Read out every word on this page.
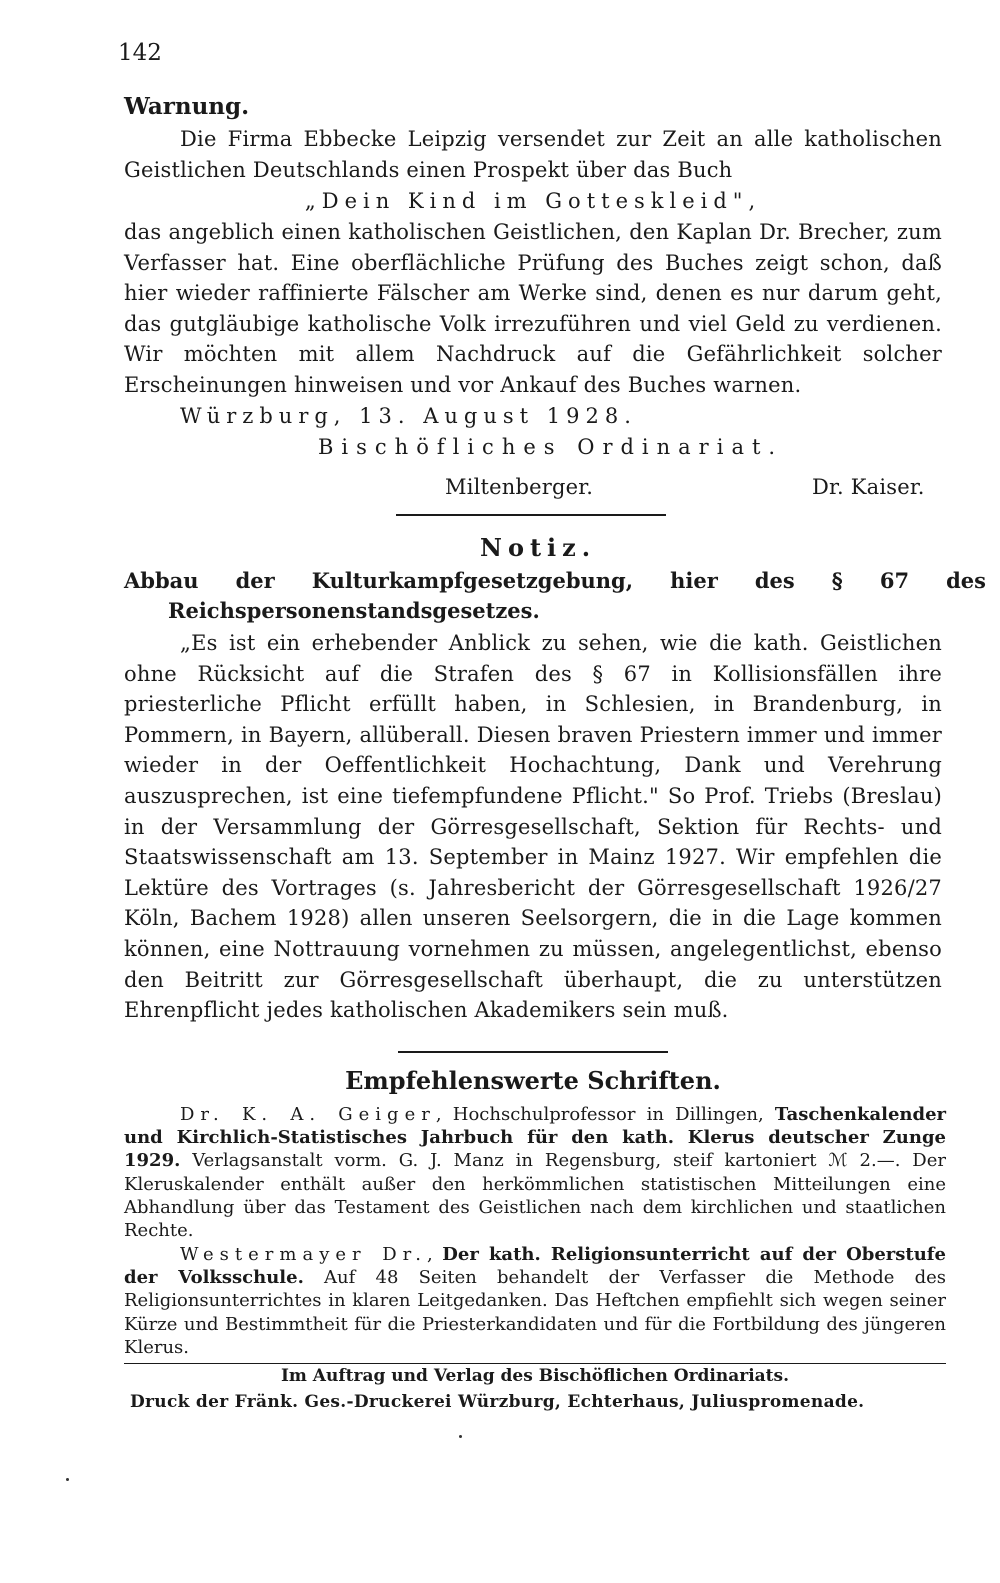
142
Warnung.

Die Firma Ebbecke Leipzig versendet zur Zeit an alle katholischen Geistlichen Deutschlands einen Prospekt über das Buch

„Dein Kind im Gotteskleid",

das angeblich einen katholischen Geistlichen, den Kaplan Dr. Brecher, zum Verfasser hat. Eine oberflächliche Prüfung des Buches zeigt schon, daß hier wieder raffinierte Fälscher am Werke sind, denen es nur darum geht, das gutgläubige katholische Volk irrezuführen und viel Geld zu verdienen. Wir möchten mit allem Nachdruck auf die Gefährlichkeit solcher Erscheinungen hinweisen und vor Ankauf des Buches warnen.

Würzburg, 13. August 1928.
Bischöfliches Ordinariat.
Miltenberger.	Dr. Kaiser.
Notiz.

Abbau der Kulturkampfgesetzgebung, hier des § 67 des Reichspersonenstandsgesetzes.

„Es ist ein erhebender Anblick zu sehen, wie die kath. Geistlichen ohne Rücksicht auf die Strafen des § 67 in Kollisionsfällen ihre priesterliche Pflicht erfüllt haben, in Schlesien, in Brandenburg, in Pommern, in Bayern, allüberall. Diesen braven Priestern immer und immer wieder in der Oeffentlichkeit Hochachtung, Dank und Verehrung auszusprechen, ist eine tiefempfundene Pflicht." So Prof. Triebs (Breslau) in der Versammlung der Görresgesellschaft, Sektion für Rechts- und Staatswissenschaft am 13. September in Mainz 1927. Wir empfehlen die Lektüre des Vortrages (s. Jahresbericht der Görresgesellschaft 1926/27 Köln, Bachem 1928) allen unseren Seelsorgern, die in die Lage kommen können, eine Nottrauung vornehmen zu müssen, angelegentlichst, ebenso den Beitritt zur Görresgesellschaft überhaupt, die zu unterstützen Ehrenpflicht jedes katholischen Akademikers sein muß.

Empfehlenswerte Schriften.

Dr. K. A. Geiger, Hochschulprofessor in Dillingen, Taschenkalender und Kirchlich-Statistisches Jahrbuch für den kath. Klerus deutscher Zunge 1929. Verlagsanstalt vorm. G. J. Manz in Regensburg, steif kartoniert ℳ 2.—. Der Kleruskalender enthält außer den herkömmlichen statistischen Mitteilungen eine Abhandlung über das Testament des Geistlichen nach dem kirchlichen und staatlichen Rechte.

Westermayer Dr., Der kath. Religionsunterricht auf der Oberstufe der Volksschule. Auf 48 Seiten behandelt der Verfasser die Methode des Religionsunterrichtes in klaren Leitgedanken. Das Heftchen empfiehlt sich wegen seiner Kürze und Bestimmtheit für die Priesterkandidaten und für die Fortbildung des jüngeren Klerus.

Im Auftrag und Verlag des Bischöflichen Ordinariats.
Druck der Fränk. Ges.-Druckerei Würzburg, Echterhaus, Juliuspromenade.
